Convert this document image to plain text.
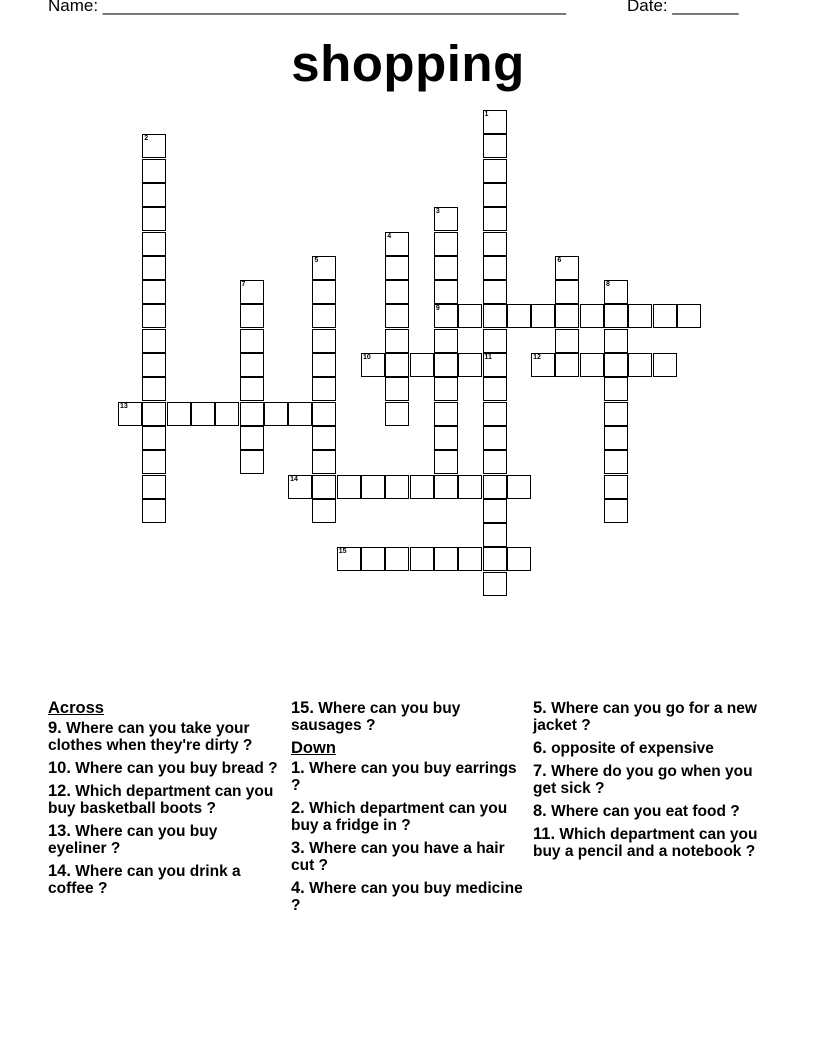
Name: _________________________________________________	Date: _______
shopping
1
11
2
3
9
4
5	6
7	8
10	12
13
14
15
Across
9. Where can you take your clothes when they're dirty ?
10. Where can you buy bread ?
12. Which department can you buy basketball boots ?
13. Where can you buy eyeliner ?
14. Where can you drink a coffee ?
15. Where can you buy sausages ?
Down
1. Where can you buy earrings ?
2. Which department can you buy a fridge in ?
3. Where can you have a hair cut ?
4. Where can you buy medicine ?
5. Where can you go for a new jacket ?
6. opposite of expensive
7. Where do you go when you get sick ?
8. Where can you eat food ?
11. Which department can you buy a pencil and a notebook ?
